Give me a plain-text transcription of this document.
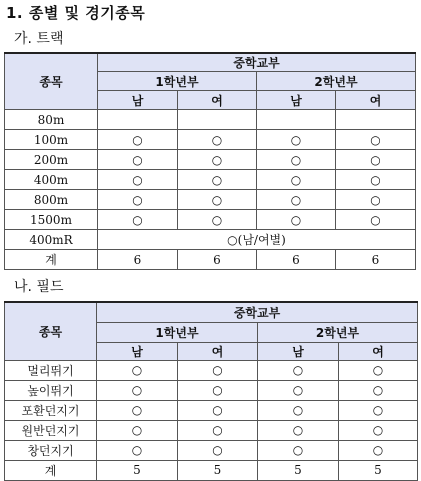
1. 종별 및 경기종목
가. 트랙
종목	중학교부			
	1학년부		2학년부	
	남	여	남	여
80m				
100m	○	○	○	○
200m	○	○	○	○
400m	○	○	○	○
800m	○	○	○	○
1500m	○	○	○	○
400mR	○(남/여별)			
계	6	6	6	6
나. 필드
종목	중학교부			
	1학년부		2학년부	
	남	여	남	여
멀리뛰기	○	○	○	○
높이뛰기	○	○	○	○
포환던지기	○	○	○	○
원반던지기	○	○	○	○
창던지기	○	○	○	○
계	5	5	5	5
